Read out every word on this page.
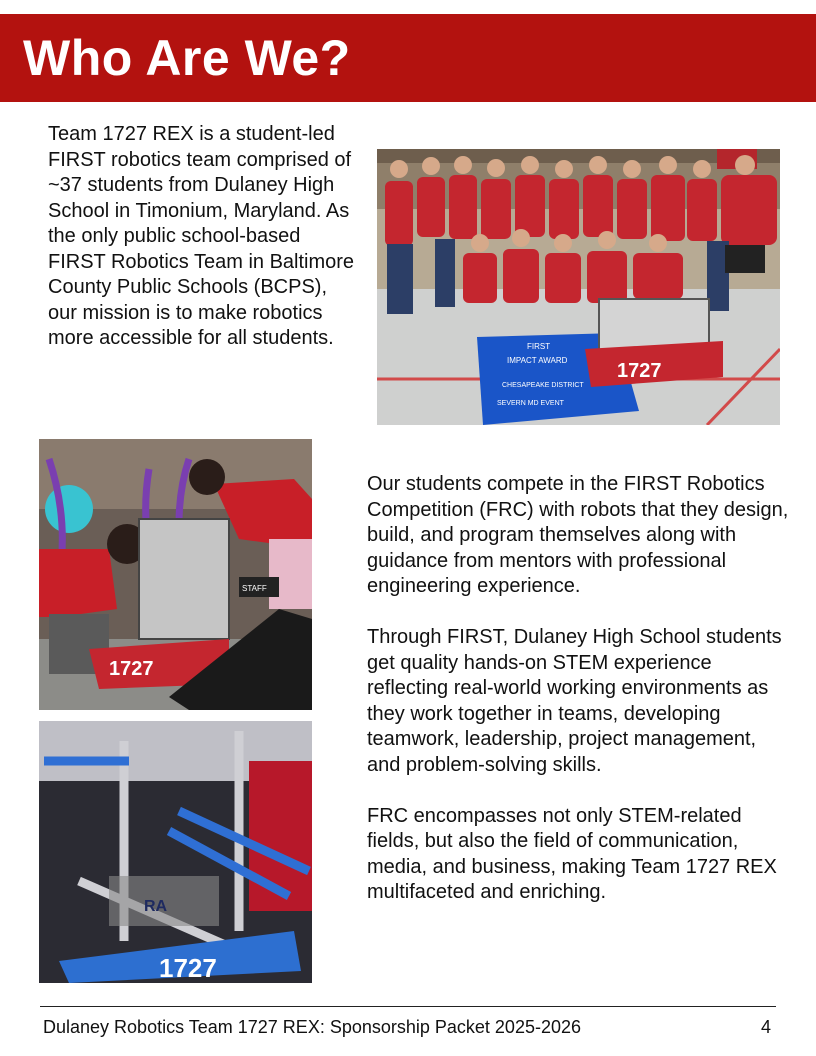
Who Are We?

Team 1727 REX is a student-led FIRST robotics team comprised of ~37 students from Dulaney High School in Timonium, Maryland. As the only public school-based FIRST Robotics Team in Baltimore County Public Schools (BCPS), our mission is to make robotics more accessible for all students.	FIRST
IMPACT AWARD
CHESAPEAKE DISTRICT
SEVERN MD EVENT
1727
1727
STAFF
RA
1727

Our students compete in the FIRST Robotics Competition (FRC) with robots that they design, build, and program themselves along with guidance from mentors with professional engineering experience.

Through FIRST, Dulaney High School students get quality hands-on STEM experience reflecting real-world working environments as they work together in teams, developing teamwork, leadership, project management, and problem-solving skills.

FRC encompasses not only STEM-related fields, but also the field of communication, media, and business, making Team 1727 REX multifaceted and enriching.

Dulaney Robotics Team 1727 REX: Sponsorship Packet 2025-2026	4
